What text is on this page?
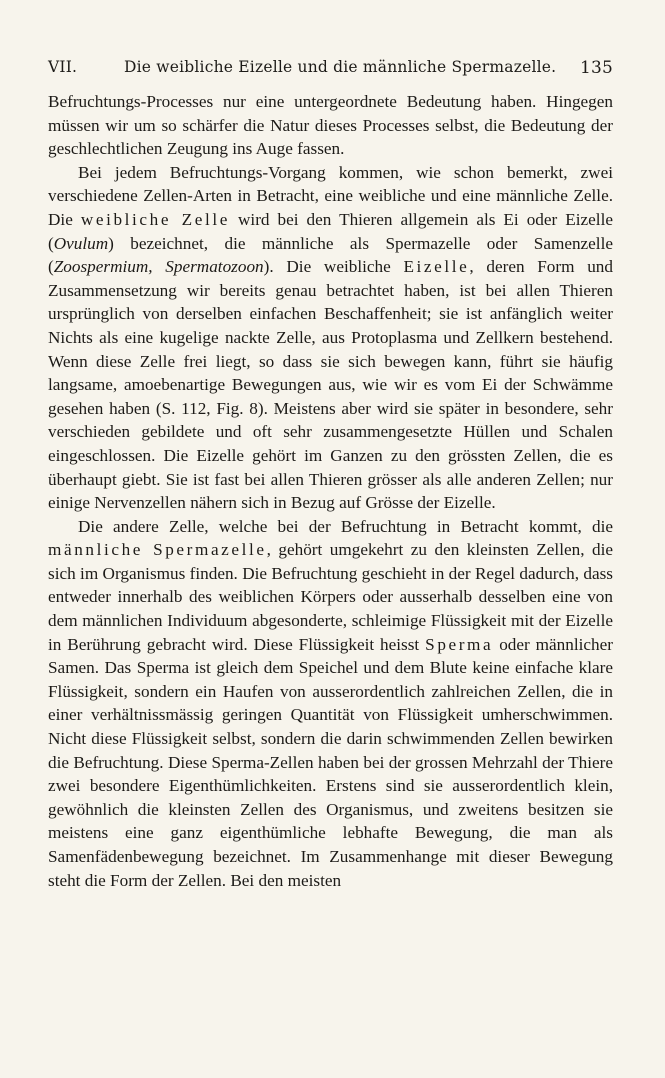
VII.	Die weibliche Eizelle und die männliche Spermazelle. 135

Befruchtungs-Processes nur eine untergeordnete Bedeutung haben. Hingegen müssen wir um so schärfer die Natur dieses Processes selbst, die Bedeutung der geschlechtlichen Zeugung ins Auge fassen.

Bei jedem Befruchtungs-Vorgang kommen, wie schon bemerkt, zwei verschiedene Zellen-Arten in Betracht, eine weibliche und eine männliche Zelle. Die weibliche Zelle wird bei den Thieren allgemein als Ei oder Eizelle (Ovulum) bezeichnet, die männliche als Spermazelle oder Samenzelle (Zoospermium, Spermatozoon). Die weibliche Eizelle, deren Form und Zusammensetzung wir bereits genau betrachtet haben, ist bei allen Thieren ursprünglich von derselben einfachen Beschaffenheit; sie ist anfänglich weiter Nichts als eine kugelige nackte Zelle, aus Protoplasma und Zellkern bestehend. Wenn diese Zelle frei liegt, so dass sie sich bewegen kann, führt sie häufig langsame, amoebenartige Bewegungen aus, wie wir es vom Ei der Schwämme gesehen haben (S. 112, Fig. 8). Meistens aber wird sie später in besondere, sehr verschieden gebildete und oft sehr zusammengesetzte Hüllen und Schalen eingeschlossen. Die Eizelle gehört im Ganzen zu den grössten Zellen, die es überhaupt giebt. Sie ist fast bei allen Thieren grösser als alle anderen Zellen; nur einige Nervenzellen nähern sich in Bezug auf Grösse der Eizelle.

Die andere Zelle, welche bei der Befruchtung in Betracht kommt, die männliche Spermazelle, gehört umgekehrt zu den kleinsten Zellen, die sich im Organismus finden. Die Befruchtung geschieht in der Regel dadurch, dass entweder innerhalb des weiblichen Körpers oder ausserhalb desselben eine von dem männlichen Individuum abgesonderte, schleimige Flüssigkeit mit der Eizelle in Berührung gebracht wird. Diese Flüssigkeit heisst Sperma oder männlicher Samen. Das Sperma ist gleich dem Speichel und dem Blute keine einfache klare Flüssigkeit, sondern ein Haufen von ausserordentlich zahlreichen Zellen, die in einer verhältnissmässig geringen Quantität von Flüssigkeit umherschwimmen. Nicht diese Flüssigkeit selbst, sondern die darin schwimmenden Zellen bewirken die Befruchtung. Diese Sperma-Zellen haben bei der grossen Mehrzahl der Thiere zwei besondere Eigenthümlichkeiten. Erstens sind sie ausserordentlich klein, gewöhnlich die kleinsten Zellen des Organismus, und zweitens besitzen sie meistens eine ganz eigenthümliche lebhafte Bewegung, die man als Samenfädenbewegung bezeichnet. Im Zusammenhange mit dieser Bewegung steht die Form der Zellen. Bei den meisten
